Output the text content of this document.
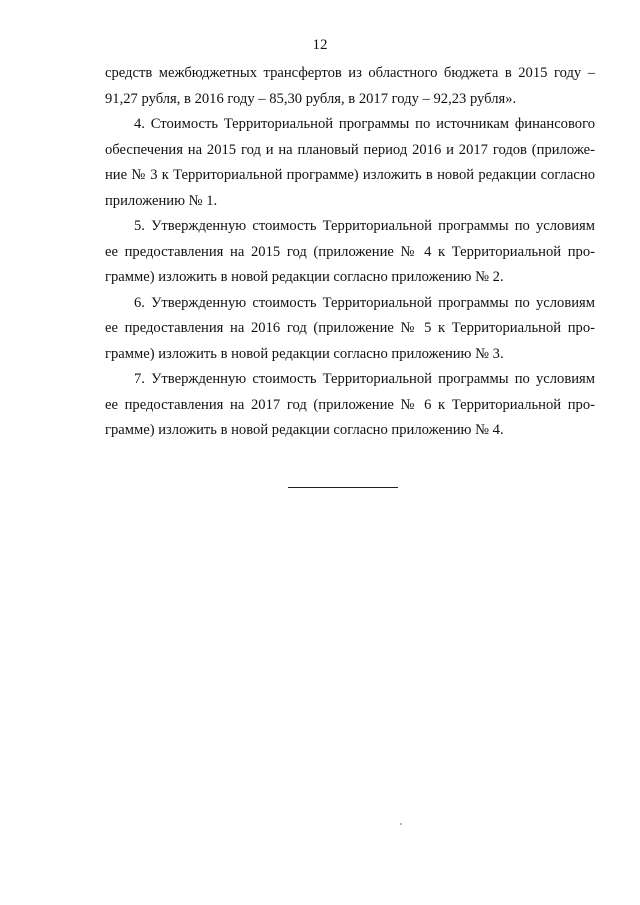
12

средств межбюджетных трансфертов из областного бюджета в 2015 году –
91,27 рубля, в 2016 году – 85,30 рубля, в 2017 году – 92,23 рубля».

4. Стоимость Территориальной программы по источникам финансового
обеспечения на 2015 год и на плановый период 2016 и 2017 годов (приложе-
ние № 3 к Территориальной программе) изложить в новой редакции согласно
приложению № 1.

5. Утвержденную стоимость Территориальной программы по условиям
ее предоставления на 2015 год (приложение № 4 к Территориальной про-
грамме) изложить в новой редакции согласно приложению № 2.

6. Утвержденную стоимость Территориальной программы по условиям
ее предоставления на 2016 год (приложение № 5 к Территориальной про-
грамме) изложить в новой редакции согласно приложению № 3.

7. Утвержденную стоимость Территориальной программы по условиям
ее предоставления на 2017 год (приложение № 6 к Территориальной про-
грамме) изложить в новой редакции согласно приложению № 4.
